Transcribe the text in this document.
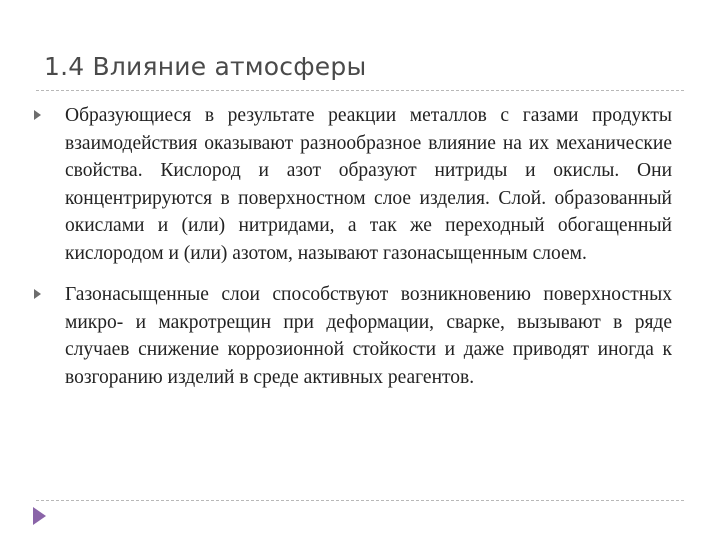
1.4 Влияние атмосферы
Образующиеся в результате реакции металлов с газами продукты взаимодействия оказывают разнообразное влияние на их механические свойства. Кислород и азот образуют нитриды и окислы. Они концентрируются в поверхностном слое изделия. Слой. образованный окислами и (или) нитридами, а так же переходный обогащенный кислородом и (или) азотом, называют газонасыщенным слоем.
Газонасыщенные слои способствуют возникновению поверхностных микро- и макротрещин при деформации, сварке, вызывают в ряде случаев снижение коррозионной стойкости и даже приводят иногда к возгоранию изделий в среде активных реагентов.
